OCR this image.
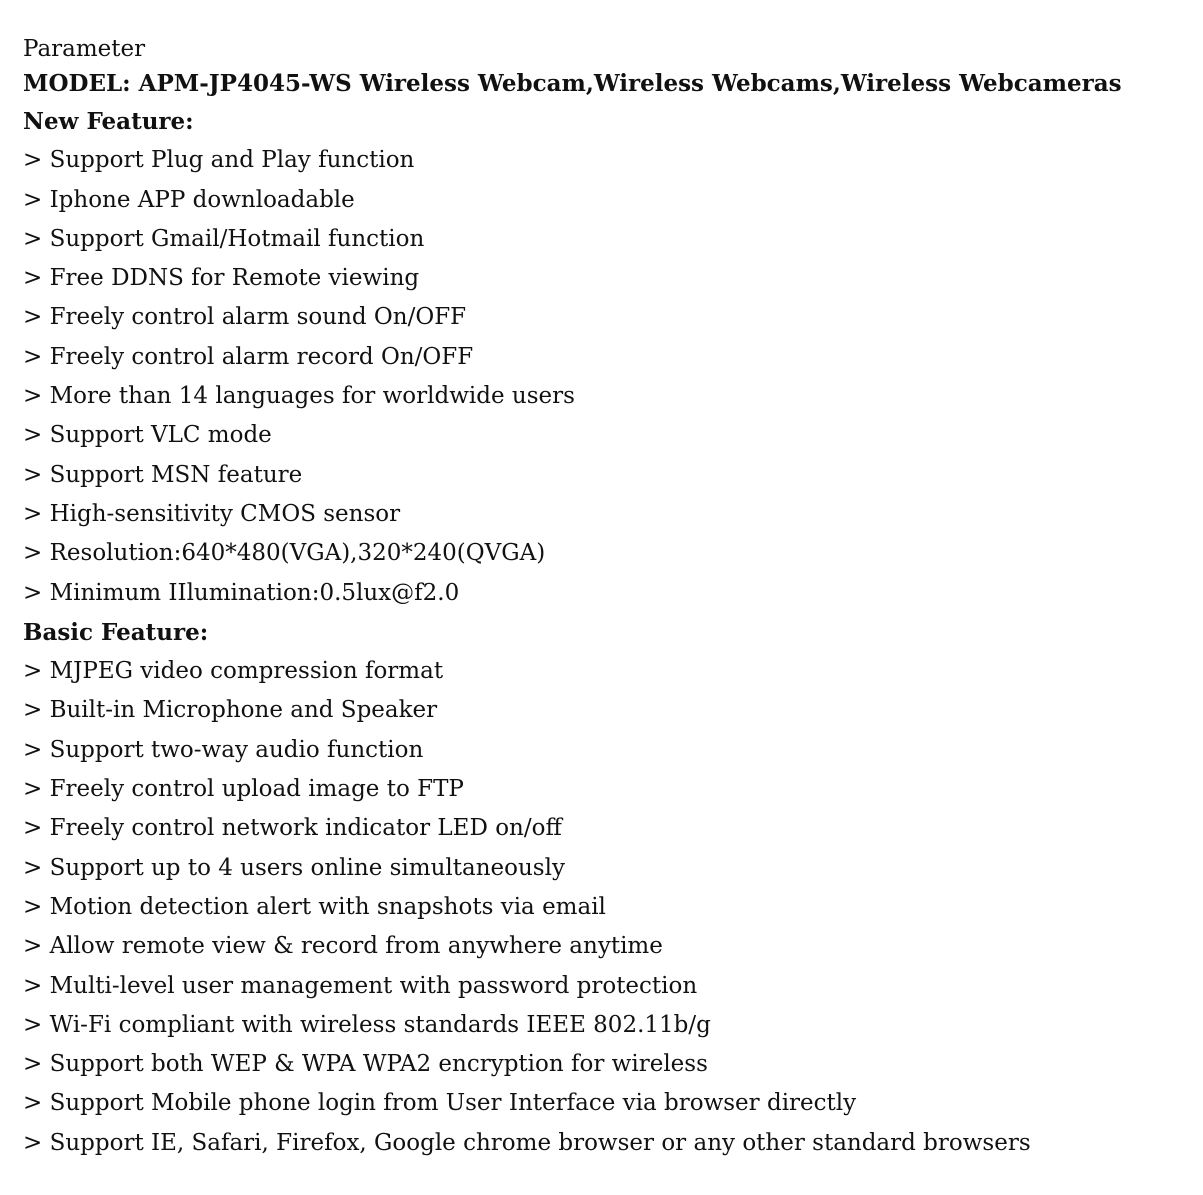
Parameter
MODEL: APM-JP4045-WS Wireless Webcam,Wireless Webcams,Wireless Webcameras
New Feature:
> Support Plug and Play function
> Iphone APP downloadable
> Support Gmail/Hotmail function
> Free DDNS for Remote viewing
> Freely control alarm sound On/OFF
> Freely control alarm record On/OFF
> More than 14 languages for worldwide users
> Support VLC mode
> Support MSN feature
> High-sensitivity CMOS sensor
> Resolution:640*480(VGA),320*240(QVGA)
> Minimum IIlumination:0.5lux@f2.0
Basic Feature:
> MJPEG video compression format
> Built-in Microphone and Speaker
> Support two-way audio function
> Freely control upload image to FTP
> Freely control network indicator LED on/off
> Support up to 4 users online simultaneously
> Motion detection alert with snapshots via email
> Allow remote view & record from anywhere anytime
> Multi-level user management with password protection
> Wi-Fi compliant with wireless standards IEEE 802.11b/g
> Support both WEP & WPA WPA2 encryption for wireless
> Support Mobile phone login from User Interface via browser directly
> Support IE, Safari, Firefox, Google chrome browser or any other standard browsers
